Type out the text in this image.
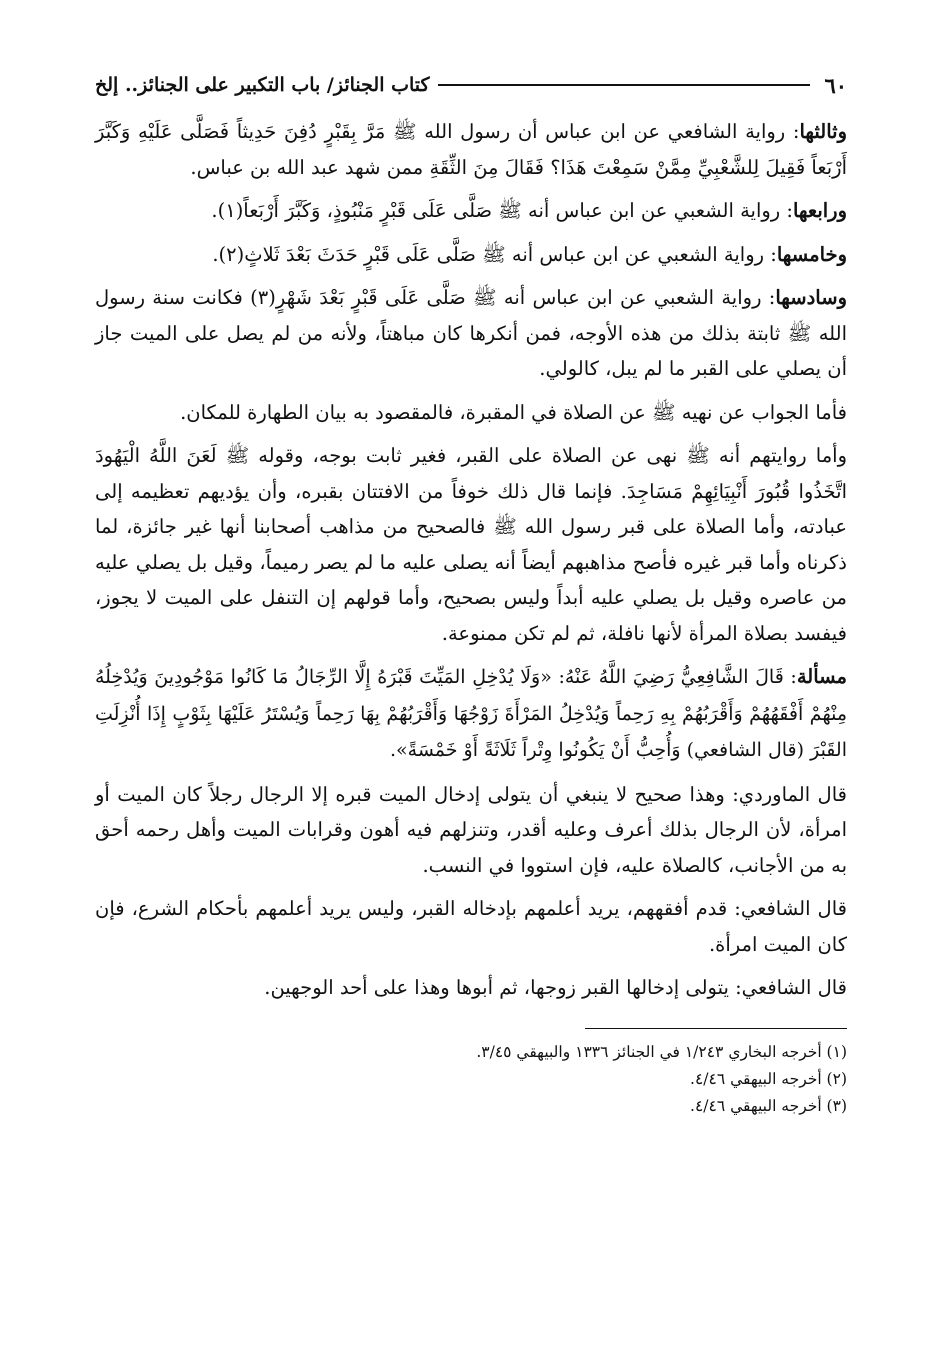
٦٠
كتاب الجنائز/ باب التكبير على الجنائز.. إلخ

وثالثها: رواية الشافعي عن ابن عباس أن رسول الله ﷺ مَرَّ بِقَبْرٍ دُفِنَ حَدِيثاً فَصَلَّى عَلَيْهِ وَكَبَّرَ أَرْبَعاً فَقِيلَ لِلشَّعْبِيِّ مِمَّنْ سَمِعْتَ هَذَا؟ فَقَالَ مِنَ الثِّقَةِ ممن شهد عبد الله بن عباس.

ورابعها: رواية الشعبي عن ابن عباس أنه ﷺ صَلَّى عَلَى قَبْرٍ مَنْبُوذٍ، وَكَبَّرَ أَرْبَعاً(١).

وخامسها: رواية الشعبي عن ابن عباس أنه ﷺ صَلَّى عَلَى قَبْرٍ حَدَثَ بَعْدَ ثَلاثٍ(٢).

وسادسها: رواية الشعبي عن ابن عباس أنه ﷺ صَلَّى عَلَى قَبْرٍ بَعْدَ شَهْرٍ(٣) فكانت سنة رسول الله ﷺ ثابتة بذلك من هذه الأوجه، فمن أنكرها كان مباهتاً، ولأنه من لم يصل على الميت جاز أن يصلي على القبر ما لم يبل، كالولي.

فأما الجواب عن نهيه ﷺ عن الصلاة في المقبرة، فالمقصود به بيان الطهارة للمكان.

وأما روايتهم أنه ﷺ نهى عن الصلاة على القبر، فغير ثابت بوجه، وقوله ﷺ لَعَنَ اللَّهُ الْيَهُودَ اتَّخَذُوا قُبُورَ أَنْبِيَائِهِمْ مَسَاجِدَ. فإنما قال ذلك خوفاً من الافتتان بقبره، وأن يؤديهم تعظيمه إلى عبادته، وأما الصلاة على قبر رسول الله ﷺ فالصحيح من مذاهب أصحابنا أنها غير جائزة، لما ذكرناه وأما قبر غيره فأصح مذاهبهم أيضاً أنه يصلى عليه ما لم يصر رميماً، وقيل بل يصلي عليه من عاصره وقيل بل يصلي عليه أبداً وليس بصحيح، وأما قولهم إن التنفل على الميت لا يجوز، فيفسد بصلاة المرأة لأنها نافلة، ثم لم تكن ممنوعة.

مسألة: قَالَ الشَّافِعِيُّ رَضِيَ اللَّهُ عَنْهُ: «وَلَا يُدْخِلِ المَيِّتَ قَبْرَهُ إِلَّا الرِّجَالُ مَا كَانُوا مَوْجُودِينَ وَيُدْخِلُهُ مِنْهُمْ أَفْقَهُهُمْ وَأَقْرَبُهُمْ بِهِ رَحِماً وَيُدْخِلُ المَرْأَةَ زَوْجُهَا وَأَقْرَبُهُمْ بِهَا رَحِماً وَيُسْتَرُ عَلَيْهَا بِثَوْبٍ إِذَا أُنْزِلَتِ القَبْرَ (قال الشافعي) وَأُحِبُّ أَنْ يَكُونُوا وِتْراً ثَلَاثَةً أَوْ خَمْسَةً».

قال الماوردي: وهذا صحيح لا ينبغي أن يتولى إدخال الميت قبره إلا الرجال رجلاً كان الميت أو امرأة، لأن الرجال بذلك أعرف وعليه أقدر، وتنزلهم فيه أهون وقرابات الميت وأهل رحمه أحق به من الأجانب، كالصلاة عليه، فإن استووا في النسب.

قال الشافعي: قدم أفقههم، يريد أعلمهم بإدخاله القبر، وليس يريد أعلمهم بأحكام الشرع، فإن كان الميت امرأة.

قال الشافعي: يتولى إدخالها القبر زوجها، ثم أبوها وهذا على أحد الوجهين.

(١) أخرجه البخاري ١/٢٤٣ في الجنائز ١٣٣٦ والبيهقي ٣/٤٥.

(٢) أخرجه البيهقي ٤/٤٦.

(٣) أخرجه البيهقي ٤/٤٦.
